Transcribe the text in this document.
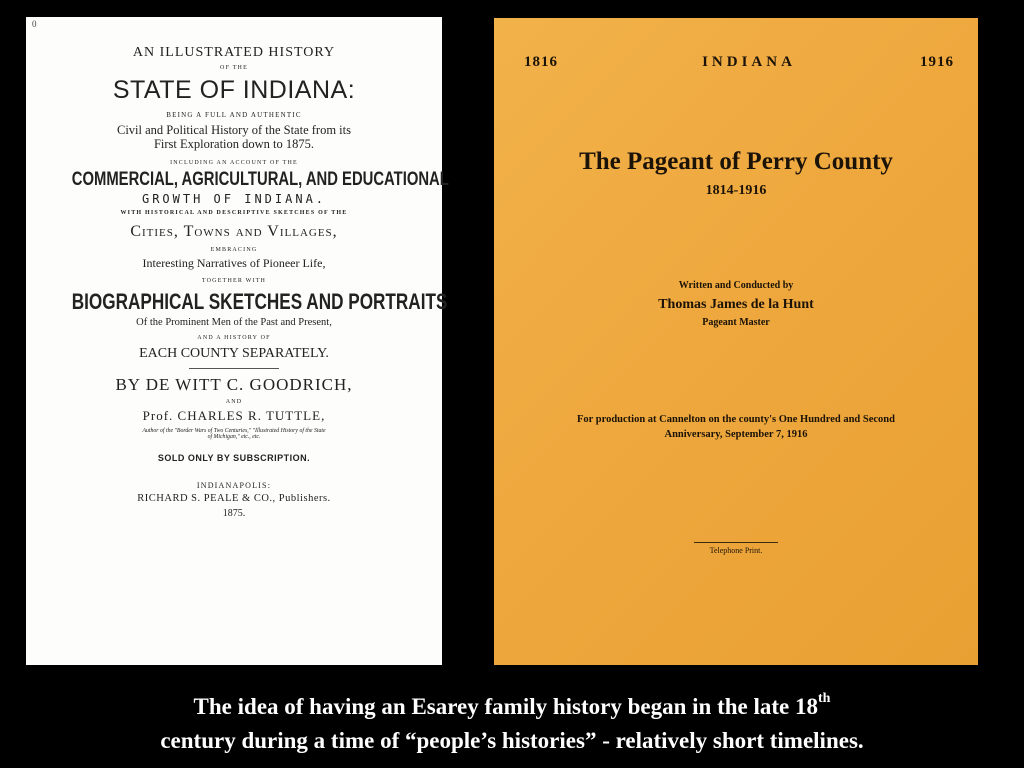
0
AN ILLUSTRATED HISTORY
OF THE
STATE OF INDIANA:
BEING A FULL AND AUTHENTIC
Civil and Political History of the State from its
First Exploration down to 1875.
INCLUDING AN ACCOUNT OF THE
COMMERCIAL, AGRICULTURAL, AND EDUCATIONAL
GROWTH OF INDIANA.
WITH HISTORICAL AND DESCRIPTIVE SKETCHES OF THE
Cities, Towns and Villages,
EMBRACING
Interesting Narratives of Pioneer Life,
TOGETHER WITH
BIOGRAPHICAL SKETCHES AND PORTRAITS
Of the Prominent Men of the Past and Present,
AND A HISTORY OF
EACH COUNTY SEPARATELY.
BY DE WITT C. GOODRICH,
AND
Prof. CHARLES R. TUTTLE,
Author of the "Border Wars of Two Centuries," "Illustrated History of the State
of Michigan," etc., etc.
SOLD ONLY BY SUBSCRIPTION.
INDIANAPOLIS:
RICHARD S. PEALE & CO., Publishers.
1875.
1816	INDIANA	1916
The Pageant of Perry County
1814-1916
Written and Conducted by
Thomas James de la Hunt
Pageant Master
For production at Cannelton on the county's One Hundred and Second
Anniversary, September 7, 1916
Telephone Print.
The idea of having an Esarey family history began in the late 18th
century during a time of “people’s histories” - relatively short timelines.
